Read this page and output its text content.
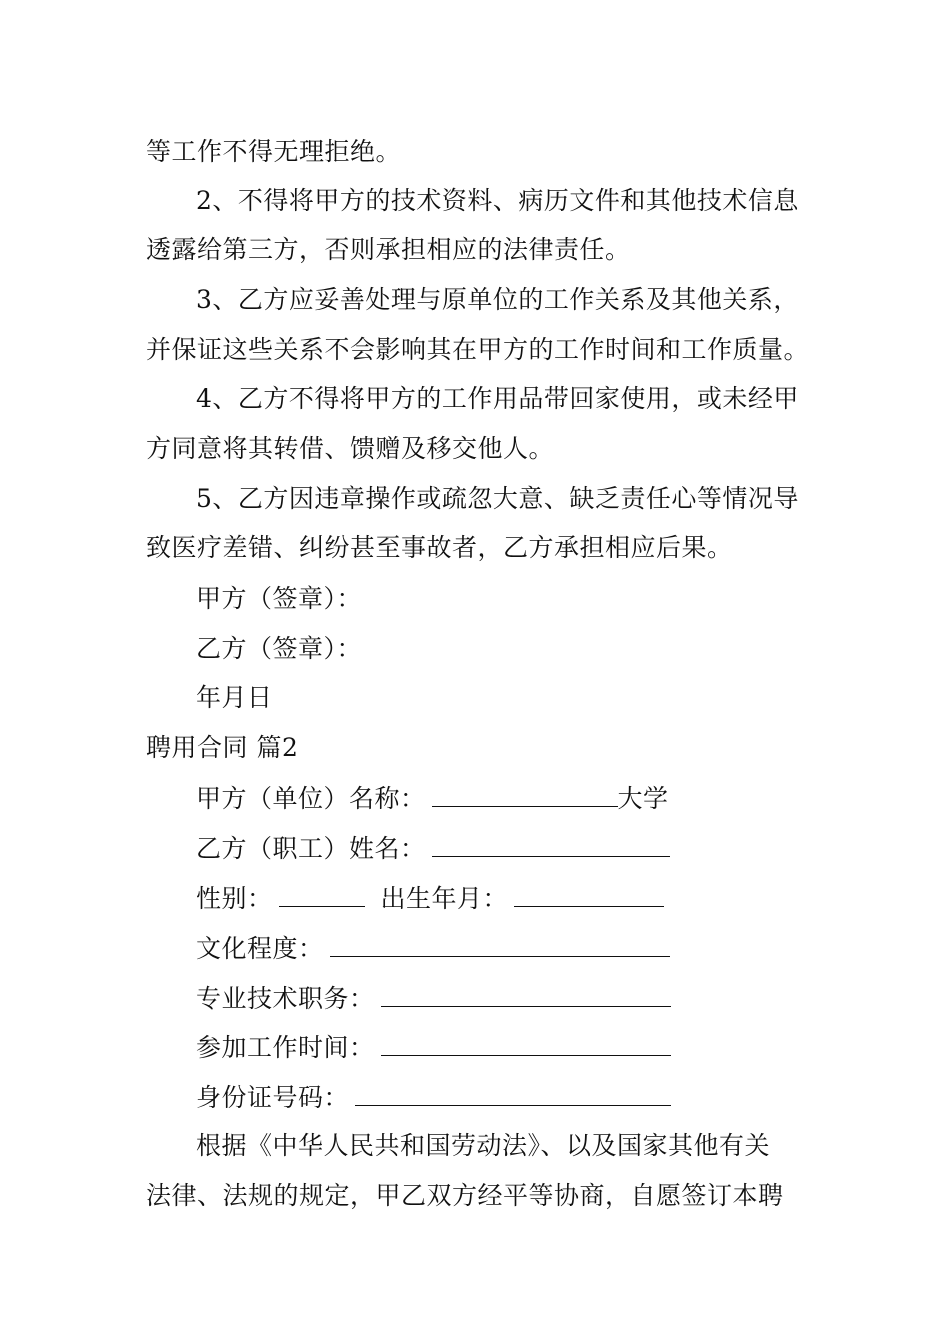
等工作不得无理拒绝。
2、不得将甲方的技术资料、病历文件和其他技术信息
透露给第三方，否则承担相应的法律责任。
3、乙方应妥善处理与原单位的工作关系及其他关系，
并保证这些关系不会影响其在甲方的工作时间和工作质量。
4、乙方不得将甲方的工作用品带回家使用，或未经甲
方同意将其转借、馈赠及移交他人。
5、乙方因违章操作或疏忽大意、缺乏责任心等情况导
致医疗差错、纠纷甚至事故者，乙方承担相应后果。
甲方（签章）：
乙方（签章）：
年月日
聘用合同 篇2
甲方（单位）名称：	大学
乙方（职工）姓名：
性别：	出生年月：
文化程度：
专业技术职务：
参加工作时间：
身份证号码：
根据《中华人民共和国劳动法》、以及国家其他有关
法律、法规的规定，甲乙双方经平等协商，自愿签订本聘
